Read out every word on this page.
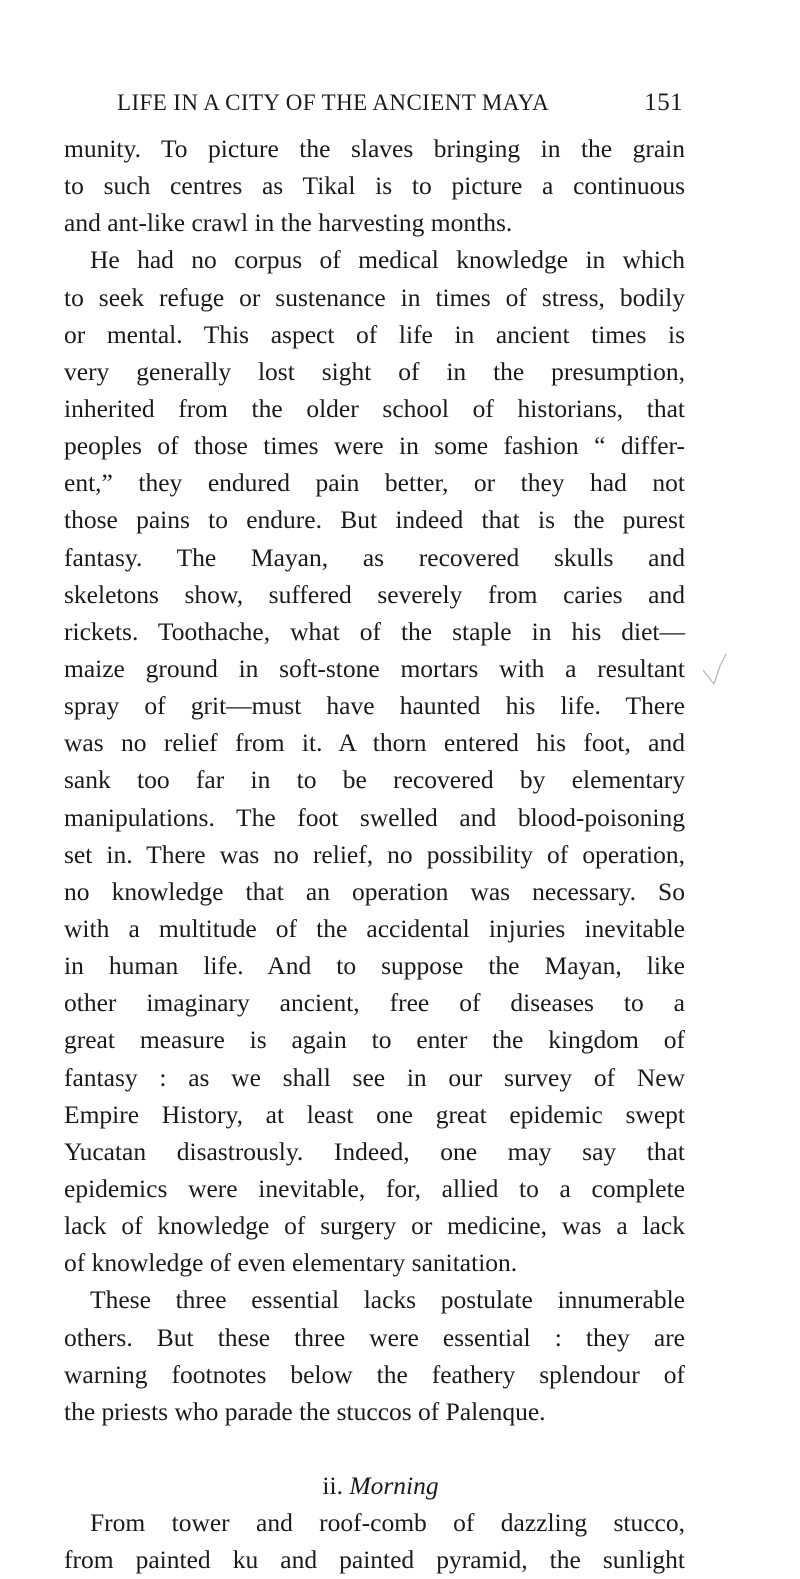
LIFE IN A CITY OF THE ANCIENT MAYA	151
munity. To picture the slaves bringing in the grain
to such centres as Tikal is to picture a continuous
and ant-like crawl in the harvesting months.
He had no corpus of medical knowledge in which
to seek refuge or sustenance in times of stress, bodily
or mental. This aspect of life in ancient times is
very generally lost sight of in the presumption,
inherited from the older school of historians, that
peoples of those times were in some fashion “ differ-
ent,” they endured pain better, or they had not
those pains to endure. But indeed that is the purest
fantasy. The Mayan, as recovered skulls and
skeletons show, suffered severely from caries and
rickets. Toothache, what of the staple in his diet—
maize ground in soft-stone mortars with a resultant
spray of grit—must have haunted his life. There
was no relief from it. A thorn entered his foot, and
sank too far in to be recovered by elementary
manipulations. The foot swelled and blood-poisoning
set in. There was no relief, no possibility of operation,
no knowledge that an operation was necessary. So
with a multitude of the accidental injuries inevitable
in human life. And to suppose the Mayan, like
other imaginary ancient, free of diseases to a
great measure is again to enter the kingdom of
fantasy : as we shall see in our survey of New
Empire History, at least one great epidemic swept
Yucatan disastrously. Indeed, one may say that
epidemics were inevitable, for, allied to a complete
lack of knowledge of surgery or medicine, was a lack
of knowledge of even elementary sanitation.
These three essential lacks postulate innumerable
others. But these three were essential : they are
warning footnotes below the feathery splendour of
the priests who parade the stuccos of Palenque.
ii. Morning
From tower and roof-comb of dazzling stucco,
from painted ku and painted pyramid, the sunlight
